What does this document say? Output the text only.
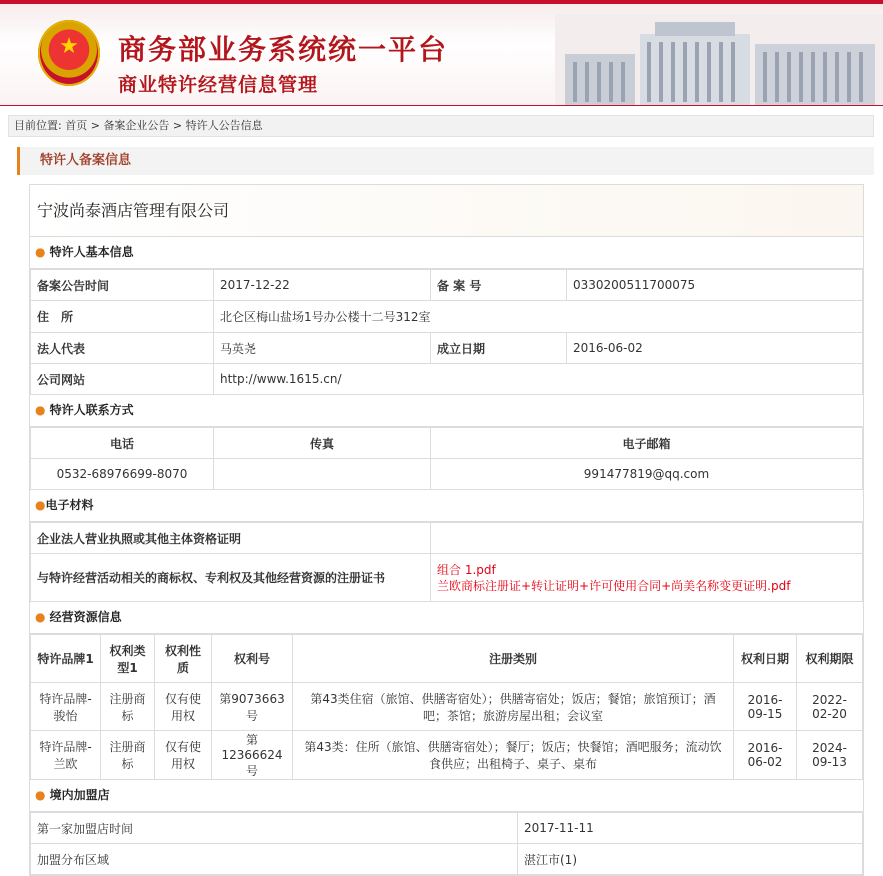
★	商务部业务系统统一平台
商业特许经营信息管理
目前位置: 首页 > 备案企业公告 > 特许人公告信息
特许人备案信息
宁波尚泰酒店管理有限公司
● 特许人基本信息
备案公告时间	2017-12-22	备 案 号	0330200511700075
住　所	北仑区梅山盐场1号办公楼十二号312室		
法人代表	马英尧	成立日期	2016-06-02
公司网站	http://www.1615.cn/		
● 特许人联系方式
电话	传真	电子邮箱
0532-68976699-8070		991477819@qq.com
●电子材料
企业法人营业执照或其他主体资格证明	
与特许经营活动相关的商标权、专利权及其他经营资源的注册证书	组合 1.pdf
兰欧商标注册证+转让证明+许可使用合同+尚美名称变更证明.pdf
● 经营资源信息
特许品牌1	权利类型1	权利性质	权利号	注册类别	权利日期	权利期限
特许品牌-骏怡	注册商标	仅有使用权	第9073663号	第43类住宿（旅馆、供膳寄宿处）；供膳寄宿处；饭店；餐馆；旅馆预订；酒吧；茶馆；旅游房屋出租；会议室	2016-09-15	2022-02-20
特许品牌-兰欧	注册商标	仅有使用权	第12366624号	第43类：住所（旅馆、供膳寄宿处）；餐厅；饭店；快餐馆；酒吧服务；流动饮食供应；出租椅子、桌子、桌布	2016-06-02	2024-09-13
● 境内加盟店
第一家加盟店时间	2017-11-11
加盟分布区域	湛江市(1)
